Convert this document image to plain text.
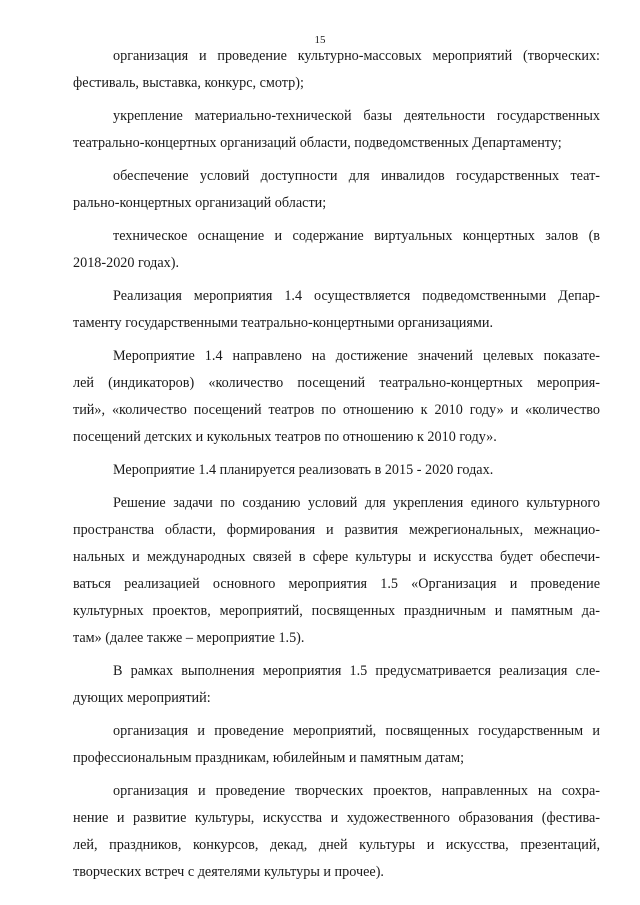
15

организация и проведение культурно-массовых мероприятий (творческих:
фестиваль, выставка, конкурс, смотр);

укрепление материально-технической базы деятельности государственных
театрально-концертных организаций области, подведомственных Департаменту;

обеспечение условий доступности для инвалидов государственных теат-
рально-концертных организаций области;

техническое оснащение и содержание виртуальных концертных залов (в
2018-2020 годах).

Реализация мероприятия 1.4 осуществляется подведомственными Депар-
таменту государственными театрально-концертными организациями.

Мероприятие 1.4 направлено на достижение значений целевых показате-
лей (индикаторов) «количество посещений театрально-концертных мероприя-
тий», «количество посещений театров по отношению к 2010 году» и «количество
посещений детских и кукольных театров по отношению к 2010 году».

Мероприятие 1.4 планируется реализовать в 2015 - 2020 годах.

Решение задачи по созданию условий для укрепления единого культурного
пространства области, формирования и развития межрегиональных, межнацио-
нальных и международных связей в сфере культуры и искусства будет обеспечи-
ваться реализацией основного мероприятия 1.5 «Организация и проведение
культурных проектов, мероприятий, посвященных праздничным и памятным да-
там» (далее также – мероприятие 1.5).

В рамках выполнения мероприятия 1.5 предусматривается реализация сле-
дующих мероприятий:

организация и проведение мероприятий, посвященных государственным и
профессиональным праздникам, юбилейным и памятным датам;

организация и проведение творческих проектов, направленных на сохра-
нение и развитие культуры, искусства и художественного образования (фестива-
лей, праздников, конкурсов, декад, дней культуры и искусства, презентаций,
творческих встреч с деятелями культуры и прочее).
